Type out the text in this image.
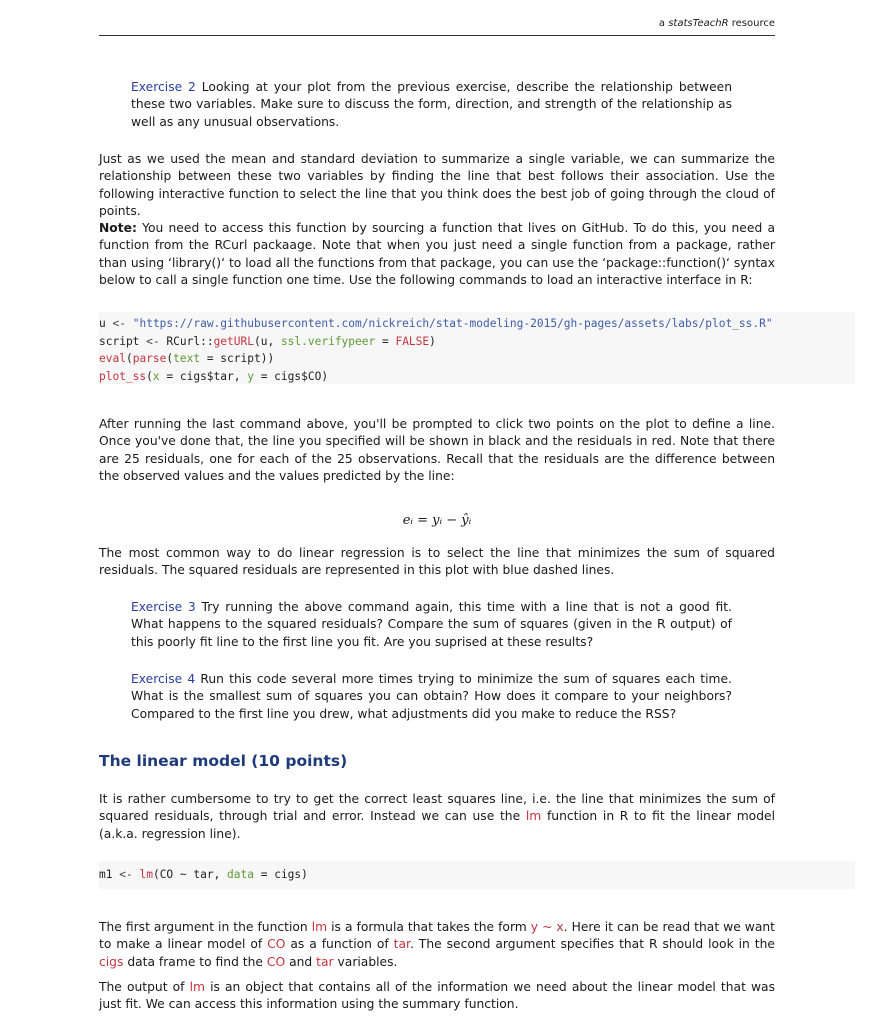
a statsTeachR resource

Exercise 2 Looking at your plot from the previous exercise, describe the relationship between these two variables. Make sure to discuss the form, direction, and strength of the relationship as well as any unusual observations.

Just as we used the mean and standard deviation to summarize a single variable, we can summarize the relationship between these two variables by finding the line that best follows their association. Use the following interactive function to select the line that you think does the best job of going through the cloud of points.

Note: You need to access this function by sourcing a function that lives on GitHub. To do this, you need a function from the RCurl packaage. Note that when you just need a single function from a package, rather than using ‘library()‘ to load all the functions from that package, you can use the ‘package::function()‘ syntax below to call a single function one time. Use the following commands to load an interactive interface in R:

u <- "https://raw.githubusercontent.com/nickreich/stat-modeling-2015/gh-pages/assets/labs/plot_ss.R"
script <- RCurl::getURL(u, ssl.verifypeer = FALSE)
eval(parse(text = script))
plot_ss(x = cigs$tar, y = cigs$CO)

After running the last command above, you'll be prompted to click two points on the plot to define a line. Once you've done that, the line you specified will be shown in black and the residuals in red. Note that there are 25 residuals, one for each of the 25 observations. Recall that the residuals are the difference between the observed values and the values predicted by the line:

eᵢ = yᵢ − ŷᵢ

The most common way to do linear regression is to select the line that minimizes the sum of squared residuals. The squared residuals are represented in this plot with blue dashed lines.

Exercise 3 Try running the above command again, this time with a line that is not a good fit. What happens to the squared residuals? Compare the sum of squares (given in the R output) of this poorly fit line to the first line you fit. Are you suprised at these results?

Exercise 4 Run this code several more times trying to minimize the sum of squares each time. What is the smallest sum of squares you can obtain? How does it compare to your neighbors? Compared to the first line you drew, what adjustments did you make to reduce the RSS?

The linear model (10 points)

It is rather cumbersome to try to get the correct least squares line, i.e. the line that minimizes the sum of squared residuals, through trial and error. Instead we can use the lm function in R to fit the linear model (a.k.a. regression line).

m1 <- lm(CO ~ tar, data = cigs)

The first argument in the function lm is a formula that takes the form y ~ x. Here it can be read that we want to make a linear model of CO as a function of tar. The second argument specifies that R should look in the cigs data frame to find the CO and tar variables.

The output of lm is an object that contains all of the information we need about the linear model that was just fit. We can access this information using the summary function.
